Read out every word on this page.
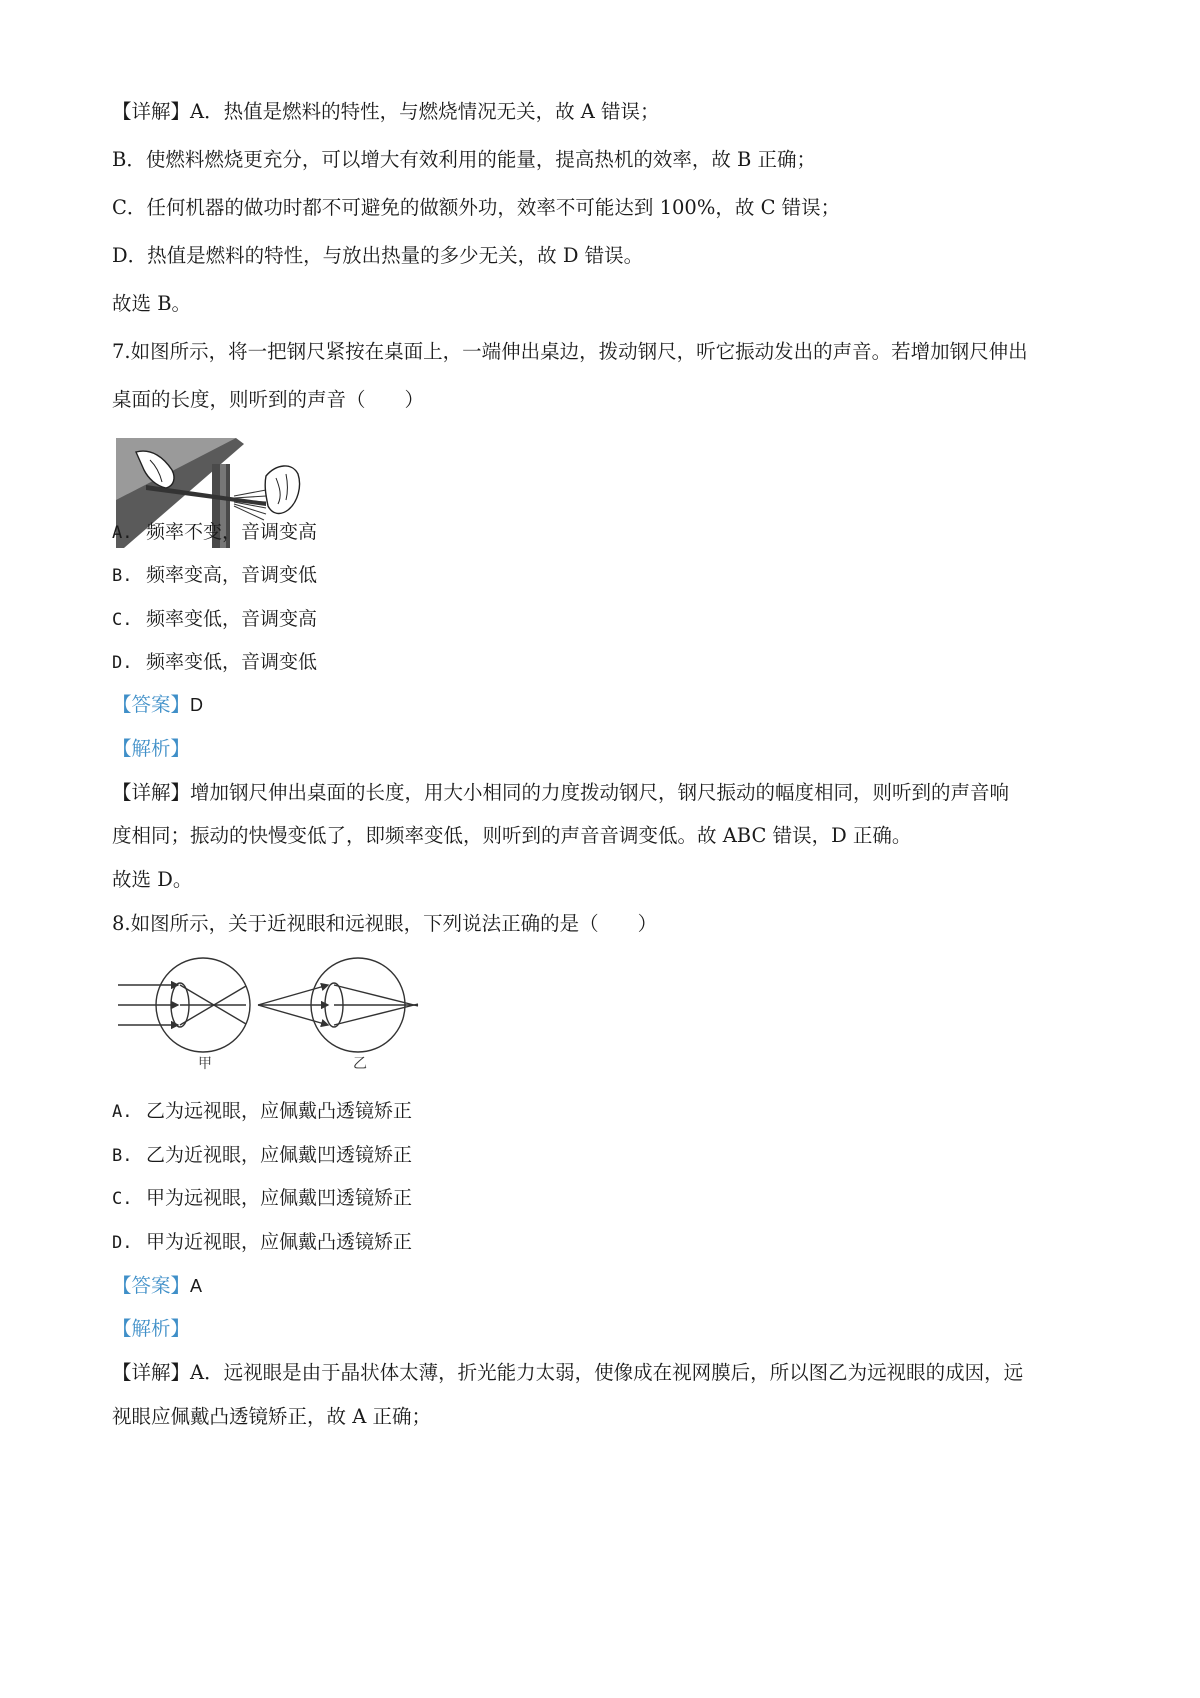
【详解】A．热值是燃料的特性，与燃烧情况无关，故 A 错误；
B．使燃料燃烧更充分，可以增大有效利用的能量，提高热机的效率，故 B 正确；
C．任何机器的做功时都不可避免的做额外功，效率不可能达到 100%，故 C 错误；
D．热值是燃料的特性，与放出热量的多少无关，故 D 错误。
故选 B。
7.如图所示，将一把钢尺紧按在桌面上，一端伸出桌边，拨动钢尺，听它振动发出的声音。若增加钢尺伸出
桌面的长度，则听到的声音（　　）
A. 频率不变，音调变高
B. 频率变高，音调变低
C. 频率变低，音调变高
D. 频率变低，音调变低
【答案】D
【解析】
【详解】增加钢尺伸出桌面的长度，用大小相同的力度拨动钢尺，钢尺振动的幅度相同，则听到的声音响
度相同；振动的快慢变低了，即频率变低，则听到的声音音调变低。故 ABC 错误，D 正确。
故选 D。
8.如图所示，关于近视眼和远视眼，下列说法正确的是（　　）
甲	乙
A. 乙为远视眼，应佩戴凸透镜矫正
B. 乙为近视眼，应佩戴凹透镜矫正
C. 甲为远视眼，应佩戴凹透镜矫正
D. 甲为近视眼，应佩戴凸透镜矫正
【答案】A
【解析】
【详解】A．远视眼是由于晶状体太薄，折光能力太弱，使像成在视网膜后，所以图乙为远视眼的成因，远
视眼应佩戴凸透镜矫正，故 A 正确；
